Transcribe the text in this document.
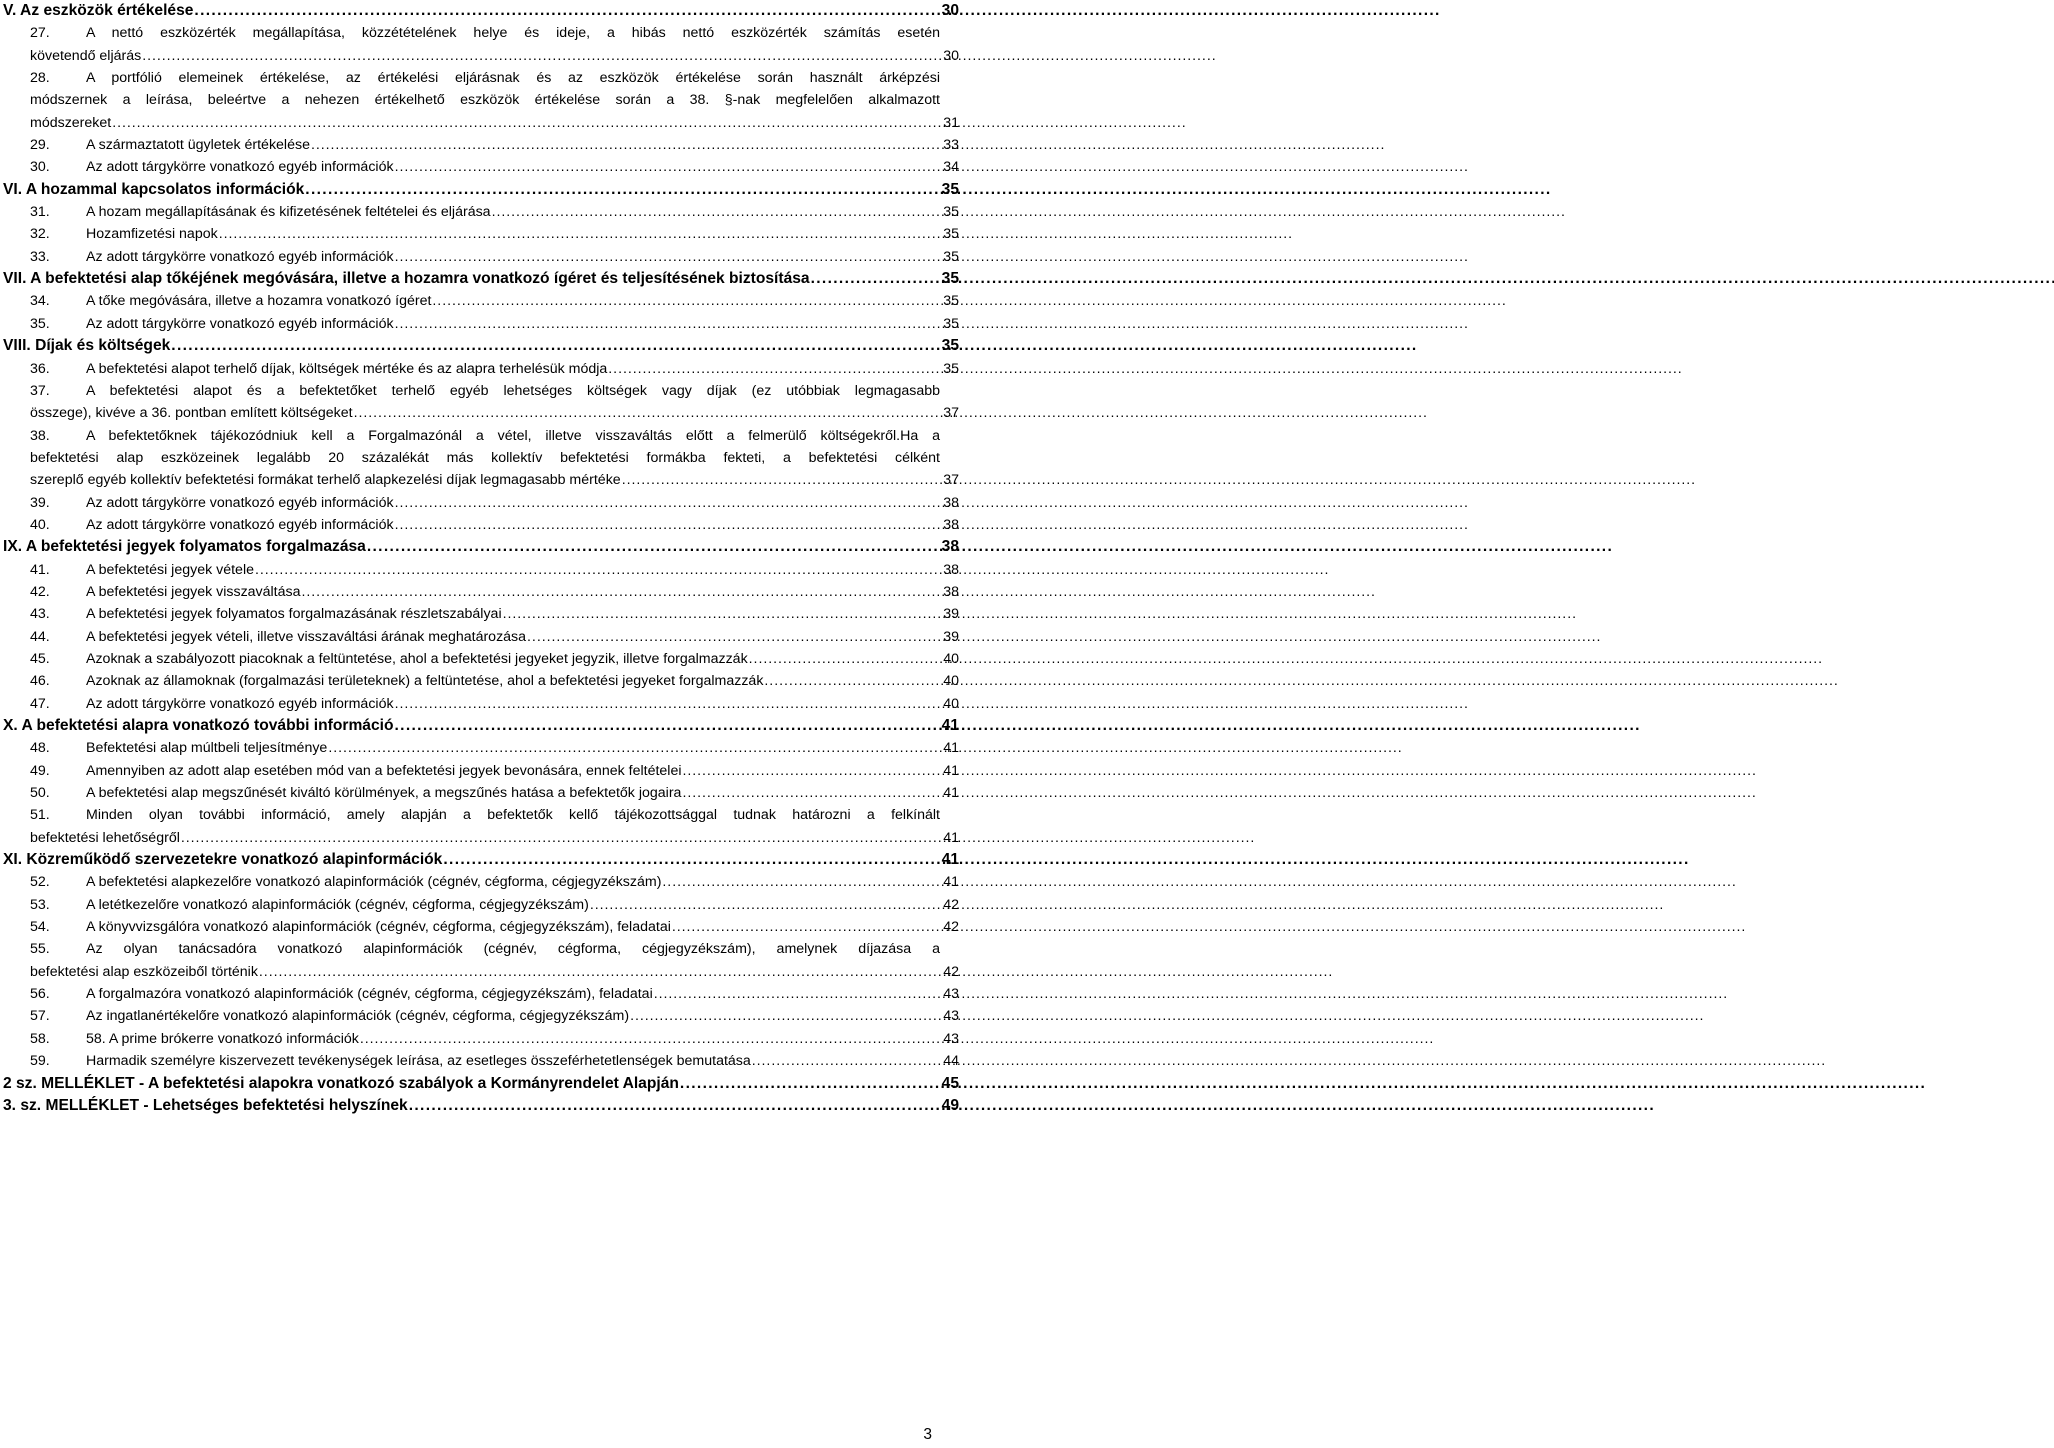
V. Az eszközök értékelése . . .	30
27.	A nettó eszközérték megállapítása, közzétételének helye és ideje, a hibás nettó eszközérték számítás esetén
követendő eljárás . . .	30
28.	A portfólió elemeinek értékelése, az értékelési eljárásnak és az eszközök értékelése során használt árképzési
módszernek a leírása, beleértve a nehezen értékelhető eszközök értékelése során a 38. §-nak megfelelően alkalmazott
módszereket . . .	31
29.	A származtatott ügyletek értékelése . . .	33
30.	Az adott tárgykörre vonatkozó egyéb információk . . .	34
VI. A hozammal kapcsolatos információk . . .	35
31.	A hozam megállapításának és kifizetésének feltételei és eljárása . . .	35
32.	Hozamfizetési napok . . .	35
33.	Az adott tárgykörre vonatkozó egyéb információk . . .	35
VII. A befektetési alap tőkéjének megóvására, illetve a hozamra vonatkozó ígéret és teljesítésének biztosítása . . .	35
34.	A tőke megóvására, illetve a hozamra vonatkozó ígéret . . .	35
35.	Az adott tárgykörre vonatkozó egyéb információk . . .	35
VIII. Díjak és költségek . . .	35
36.	A befektetési alapot terhelő díjak, költségek mértéke és az alapra terhelésük módja . . .	35
37.	A befektetési alapot és a befektetőket terhelő egyéb lehetséges költségek vagy díjak (ez utóbbiak legmagasabb
összege), kivéve a 36. pontban említett költségeket . . .	37
38.	A befektetőknek tájékozódniuk kell a Forgalmazónál a vétel, illetve visszaváltás előtt a felmerülő költségekről.Ha a
befektetési alap eszközeinek legalább 20 százalékát más kollektív befektetési formákba fekteti, a befektetési célként
szereplő egyéb kollektív befektetési formákat terhelő alapkezelési díjak legmagasabb mértéke . . .	37
39.	Az adott tárgykörre vonatkozó egyéb információk . . .	38
40.	Az adott tárgykörre vonatkozó egyéb információk . . .	38
IX. A befektetési jegyek folyamatos forgalmazása . . .	38
41.	A befektetési jegyek vétele . . .	38
42.	A befektetési jegyek visszaváltása . . .	38
43.	A befektetési jegyek folyamatos forgalmazásának részletszabályai . . .	39
44.	A befektetési jegyek vételi, illetve visszaváltási árának meghatározása . . .	39
45.	Azoknak a szabályozott piacoknak a feltüntetése, ahol a befektetési jegyeket jegyzik, illetve forgalmazzák . . .	40
46.	Azoknak az államoknak (forgalmazási területeknek) a feltüntetése, ahol a befektetési jegyeket forgalmazzák . . .	40
47.	Az adott tárgykörre vonatkozó egyéb információk . . .	40
X. A befektetési alapra vonatkozó további információ . . .	41
48.	Befektetési alap múltbeli teljesítménye . . .	41
49.	Amennyiben az adott alap esetében mód van a befektetési jegyek bevonására, ennek feltételei . . .	41
50.	A befektetési alap megszűnését kiváltó körülmények, a megszűnés hatása a befektetők jogaira . . .	41
51.	Minden olyan további információ, amely alapján a befektetők kellő tájékozottsággal tudnak határozni a felkínált
befektetési lehetőségről . . .	41
XI. Közreműködő szervezetekre vonatkozó alapinformációk . . .	41
52.	A befektetési alapkezelőre vonatkozó alapinformációk (cégnév, cégforma, cégjegyzékszám) . . .	41
53.	A letétkezelőre vonatkozó alapinformációk (cégnév, cégforma, cégjegyzékszám) . . .	42
54.	A könyvvizsgálóra vonatkozó alapinformációk (cégnév, cégforma, cégjegyzékszám), feladatai . . .	42
55.	Az olyan tanácsadóra vonatkozó alapinformációk (cégnév, cégforma, cégjegyzékszám), amelynek díjazása a
befektetési alap eszközeiből történik . . .	42
56.	A forgalmazóra vonatkozó alapinformációk (cégnév, cégforma, cégjegyzékszám), feladatai . . .	43
57.	Az ingatlanértékelőre vonatkozó alapinformációk (cégnév, cégforma, cégjegyzékszám) . . .	43
58.	58. A prime brókerre vonatkozó információk . . .	43
59.	Harmadik személyre kiszervezett tevékenységek leírása, az esetleges összeférhetetlenségek bemutatása . . .	44
2 sz. MELLÉKLET - A befektetési alapokra vonatkozó szabályok a Kormányrendelet Alapján . . .	45
3. sz. MELLÉKLET - Lehetséges befektetési helyszínek . . .	49
3
